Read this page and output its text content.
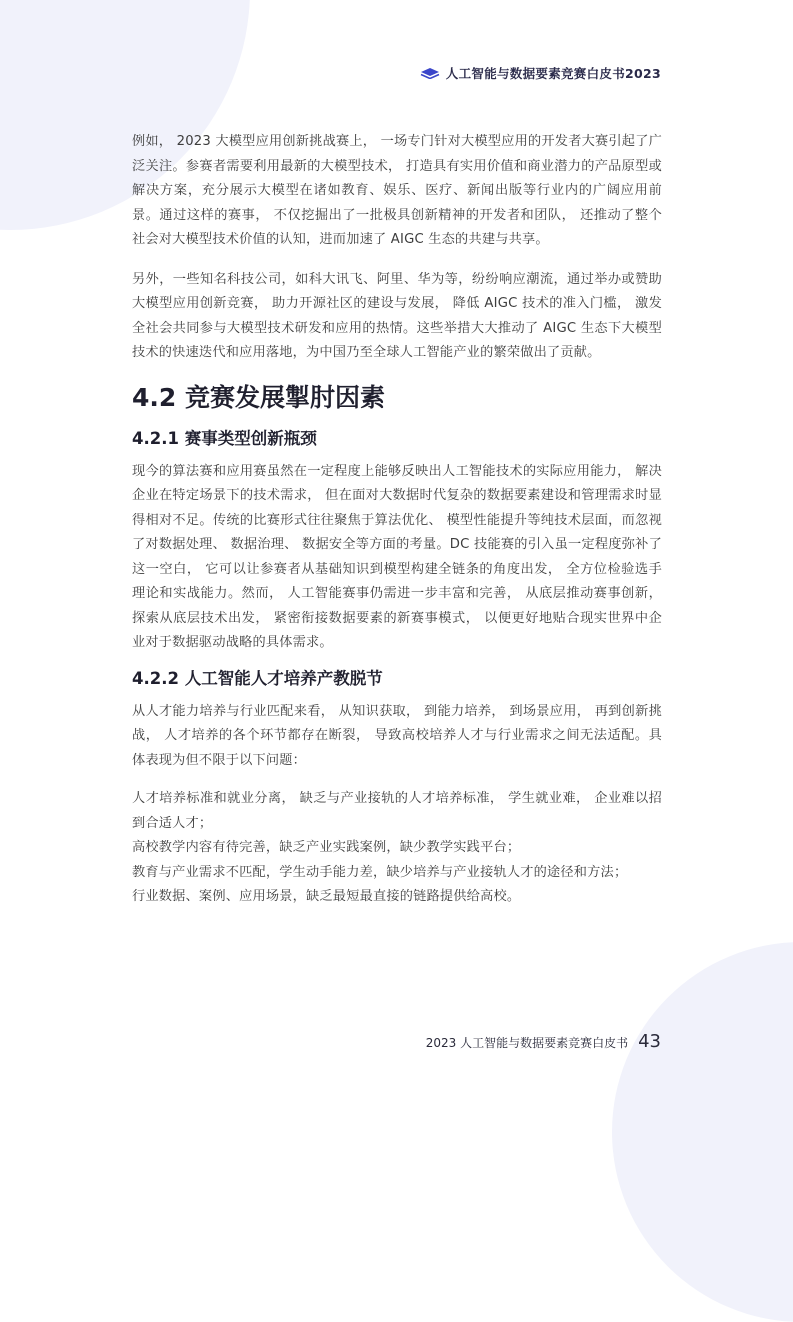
人工智能与数据要素竞赛白皮书2023

例如， 2023 大模型应用创新挑战赛上， 一场专门针对大模型应用的开发者大赛引起了广泛关注。参赛者需要利用最新的大模型技术， 打造具有实用价值和商业潜力的产品原型或解决方案，充分展示大模型在诸如教育、娱乐、医疗、新闻出版等行业内的广阔应用前景。通过这样的赛事， 不仅挖掘出了一批极具创新精神的开发者和团队， 还推动了整个社会对大模型技术价值的认知，进而加速了 AIGC 生态的共建与共享。

另外，一些知名科技公司，如科大讯飞、阿里、华为等，纷纷响应潮流，通过举办或赞助大模型应用创新竞赛， 助力开源社区的建设与发展， 降低 AIGC 技术的准入门槛， 激发全社会共同参与大模型技术研发和应用的热情。这些举措大大推动了 AIGC 生态下大模型技术的快速迭代和应用落地，为中国乃至全球人工智能产业的繁荣做出了贡献。

4.2 竞赛发展掣肘因素
4.2.1 赛事类型创新瓶颈

现今的算法赛和应用赛虽然在一定程度上能够反映出人工智能技术的实际应用能力， 解决企业在特定场景下的技术需求， 但在面对大数据时代复杂的数据要素建设和管理需求时显得相对不足。传统的比赛形式往往聚焦于算法优化、 模型性能提升等纯技术层面，而忽视了对数据处理、 数据治理、 数据安全等方面的考量。DC 技能赛的引入虽一定程度弥补了这一空白， 它可以让参赛者从基础知识到模型构建全链条的角度出发， 全方位检验选手理论和实战能力。然而， 人工智能赛事仍需进一步丰富和完善， 从底层推动赛事创新， 探索从底层技术出发， 紧密衔接数据要素的新赛事模式， 以便更好地贴合现实世界中企业对于数据驱动战略的具体需求。

4.2.2 人工智能人才培养产教脱节

从人才能力培养与行业匹配来看， 从知识获取， 到能力培养， 到场景应用， 再到创新挑战， 人才培养的各个环节都存在断裂， 导致高校培养人才与行业需求之间无法适配。具体表现为但不限于以下问题：

人才培养标准和就业分离， 缺乏与产业接轨的人才培养标准， 学生就业难， 企业难以招到合适人才；
高校教学内容有待完善，缺乏产业实践案例，缺少教学实践平台；
教育与产业需求不匹配，学生动手能力差，缺少培养与产业接轨人才的途径和方法；
行业数据、案例、应用场景，缺乏最短最直接的链路提供给高校。
2023 人工智能与数据要素竞赛白皮书 43
